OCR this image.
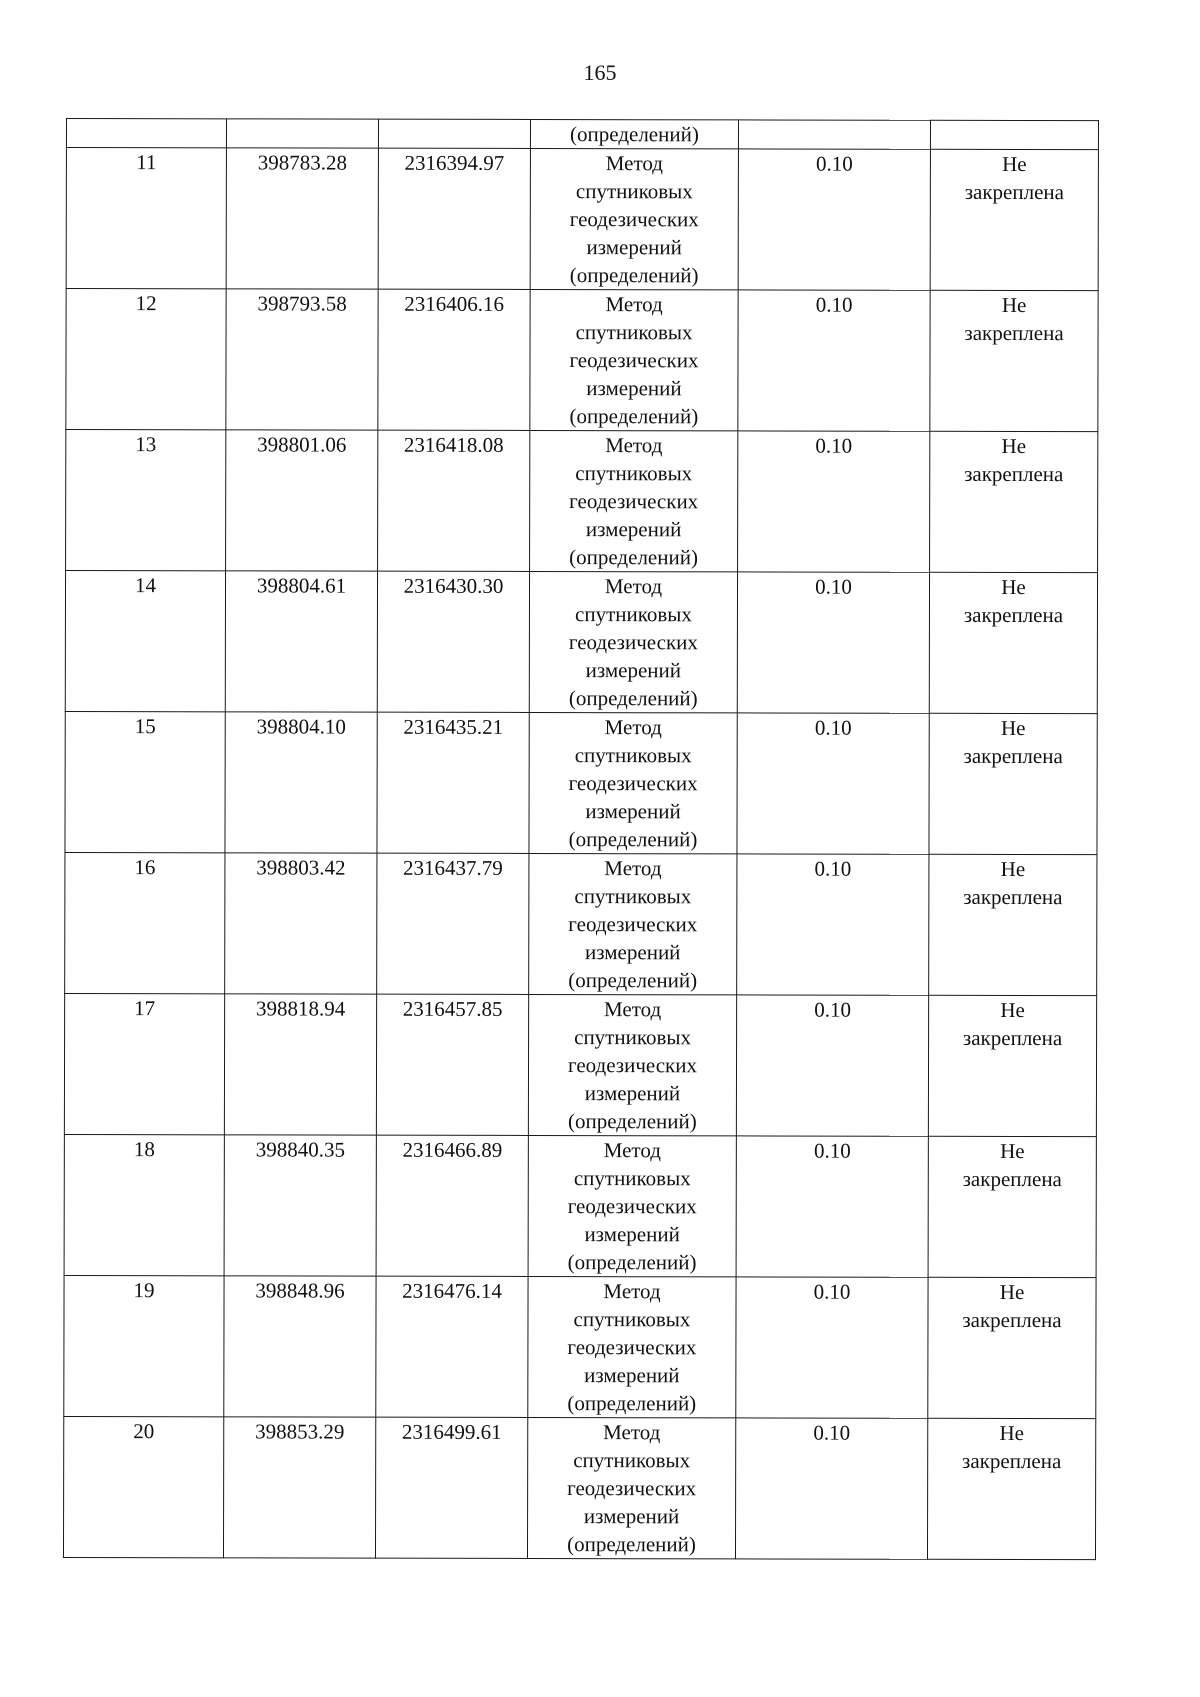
165
			(определений)		
11	398783.28	2316394.97	Метод
спутниковых
геодезических
измерений
(определений)	0.10	Не
закреплена

12	398793.58	2316406.16	Метод
спутниковых
геодезических
измерений
(определений)	0.10	Не
закреплена

13	398801.06	2316418.08	Метод
спутниковых
геодезических
измерений
(определений)	0.10	Не
закреплена

14	398804.61	2316430.30	Метод
спутниковых
геодезических
измерений
(определений)	0.10	Не
закреплена

15	398804.10	2316435.21	Метод
спутниковых
геодезических
измерений
(определений)	0.10	Не
закреплена

16	398803.42	2316437.79	Метод
спутниковых
геодезических
измерений
(определений)	0.10	Не
закреплена

17	398818.94	2316457.85	Метод
спутниковых
геодезических
измерений
(определений)	0.10	Не
закреплена

18	398840.35	2316466.89	Метод
спутниковых
геодезических
измерений
(определений)	0.10	Не
закреплена

19	398848.96	2316476.14	Метод
спутниковых
геодезических
измерений
(определений)	0.10	Не
закреплена

20	398853.29	2316499.61	Метод
спутниковых
геодезических
измерений
(определений)	0.10	Не
закреплена
